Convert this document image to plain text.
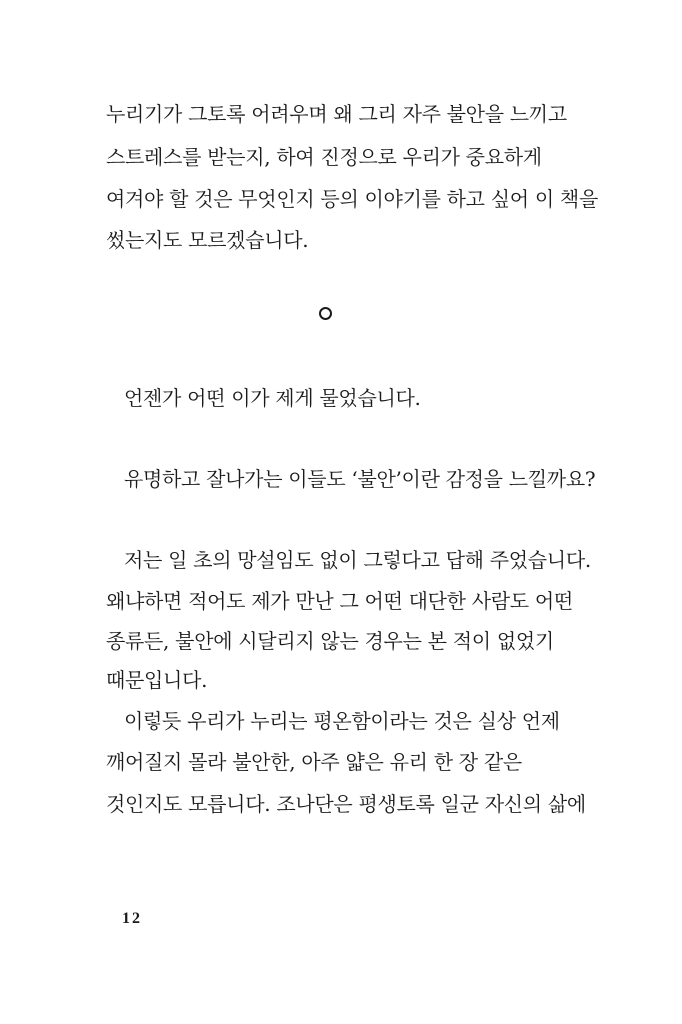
누리기가 그토록 어려우며 왜 그리 자주 불안을 느끼고
스트레스를 받는지, 하여 진정으로 우리가 중요하게
여겨야 할 것은 무엇인지 등의 이야기를 하고 싶어 이 책을
썼는지도 모르겠습니다.
언젠가 어떤 이가 제게 물었습니다.
유명하고 잘나가는 이들도 ‘불안’이란 감정을 느낄까요?
저는 일 초의 망설임도 없이 그렇다고 답해 주었습니다.
왜냐하면 적어도 제가 만난 그 어떤 대단한 사람도 어떤
종류든, 불안에 시달리지 않는 경우는 본 적이 없었기
때문입니다.
이렇듯 우리가 누리는 평온함이라는 것은 실상 언제
깨어질지 몰라 불안한, 아주 얇은 유리 한 장 같은
것인지도 모릅니다. 조나단은 평생토록 일군 자신의 삶에
12
